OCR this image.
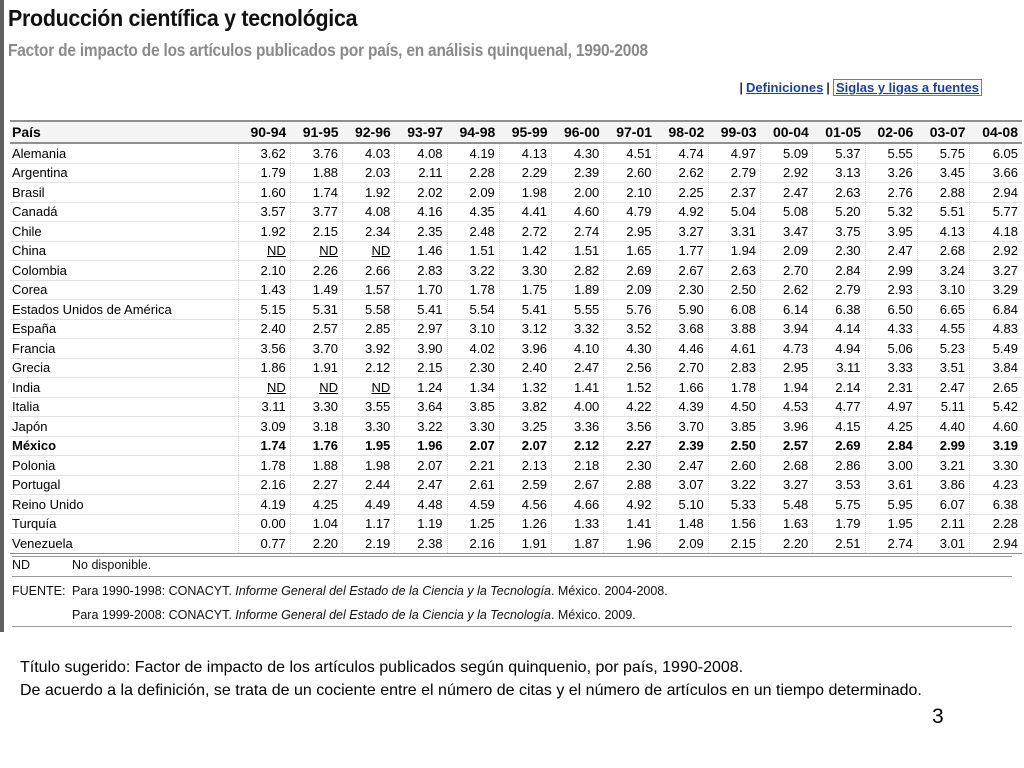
Producción científica y tecnológica
Factor de impacto de los artículos publicados por país, en análisis quinquenal, 1990-2008
| Definiciones | Siglas y ligas a fuentes
País	90-94	91-95	92-96	93-97	94-98	95-99	96-00	97-01	98-02	99-03	00-04	01-05	02-06	03-07	04-08
Alemania	3.62	3.76	4.03	4.08	4.19	4.13	4.30	4.51	4.74	4.97	5.09	5.37	5.55	5.75	6.05
Argentina	1.79	1.88	2.03	2.11	2.28	2.29	2.39	2.60	2.62	2.79	2.92	3.13	3.26	3.45	3.66
Brasil	1.60	1.74	1.92	2.02	2.09	1.98	2.00	2.10	2.25	2.37	2.47	2.63	2.76	2.88	2.94
Canadá	3.57	3.77	4.08	4.16	4.35	4.41	4.60	4.79	4.92	5.04	5.08	5.20	5.32	5.51	5.77
Chile	1.92	2.15	2.34	2.35	2.48	2.72	2.74	2.95	3.27	3.31	3.47	3.75	3.95	4.13	4.18
China	ND	ND	ND	1.46	1.51	1.42	1.51	1.65	1.77	1.94	2.09	2.30	2.47	2.68	2.92
Colombia	2.10	2.26	2.66	2.83	3.22	3.30	2.82	2.69	2.67	2.63	2.70	2.84	2.99	3.24	3.27
Corea	1.43	1.49	1.57	1.70	1.78	1.75	1.89	2.09	2.30	2.50	2.62	2.79	2.93	3.10	3.29
Estados Unidos de América	5.15	5.31	5.58	5.41	5.54	5.41	5.55	5.76	5.90	6.08	6.14	6.38	6.50	6.65	6.84
España	2.40	2.57	2.85	2.97	3.10	3.12	3.32	3.52	3.68	3.88	3.94	4.14	4.33	4.55	4.83
Francia	3.56	3.70	3.92	3.90	4.02	3.96	4.10	4.30	4.46	4.61	4.73	4.94	5.06	5.23	5.49
Grecia	1.86	1.91	2.12	2.15	2.30	2.40	2.47	2.56	2.70	2.83	2.95	3.11	3.33	3.51	3.84
India	ND	ND	ND	1.24	1.34	1.32	1.41	1.52	1.66	1.78	1.94	2.14	2.31	2.47	2.65
Italia	3.11	3.30	3.55	3.64	3.85	3.82	4.00	4.22	4.39	4.50	4.53	4.77	4.97	5.11	5.42
Japón	3.09	3.18	3.30	3.22	3.30	3.25	3.36	3.56	3.70	3.85	3.96	4.15	4.25	4.40	4.60
México	1.74	1.76	1.95	1.96	2.07	2.07	2.12	2.27	2.39	2.50	2.57	2.69	2.84	2.99	3.19
Polonia	1.78	1.88	1.98	2.07	2.21	2.13	2.18	2.30	2.47	2.60	2.68	2.86	3.00	3.21	3.30
Portugal	2.16	2.27	2.44	2.47	2.61	2.59	2.67	2.88	3.07	3.22	3.27	3.53	3.61	3.86	4.23
Reino Unido	4.19	4.25	4.49	4.48	4.59	4.56	4.66	4.92	5.10	5.33	5.48	5.75	5.95	6.07	6.38
Turquía	0.00	1.04	1.17	1.19	1.25	1.26	1.33	1.41	1.48	1.56	1.63	1.79	1.95	2.11	2.28
Venezuela	0.77	2.20	2.19	2.38	2.16	1.91	1.87	1.96	2.09	2.15	2.20	2.51	2.74	3.01	2.94
ND	No disponible.
FUENTE: Para 1990-1998: CONACYT. Informe General del Estado de la Ciencia y la Tecnología. México. 2004-2008.
Para 1999-2008: CONACYT. Informe General del Estado de la Ciencia y la Tecnología. México. 2009.
Título sugerido: Factor de impacto de los artículos publicados según quinquenio, por país, 1990-2008.
De acuerdo a la definición, se trata de un cociente entre el número de citas y el número de artículos en un tiempo determinado.
3
